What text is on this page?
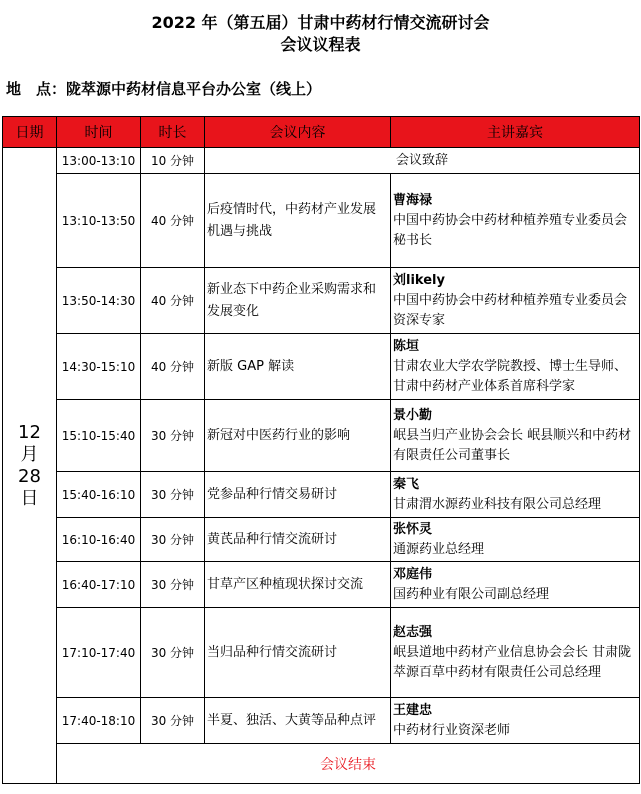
2022 年（第五届）甘肃中药材行情交流研讨会
会议议程表
地　点：陇萃源中药材信息平台办公室（线上）
日期	时间	时长	会议内容	主讲嘉宾

12
月
28
日	13:00-13:10	10 分钟	会议致辞	
	13:10-13:50	40 分钟	后疫情时代，中药材产业发展机遇与挑战	曹海禄
中国中药协会中药材种植养殖专业委员会秘书长

	13:50-14:30	40 分钟	新业态下中药企业采购需求和发展变化	刘likely
中国中药协会中药材种植养殖专业委员会资深专家

	14:30-15:10	40 分钟	新版 GAP 解读	陈垣
甘肃农业大学农学院教授、博士生导师、甘肃中药材产业体系首席科学家

	15:10-15:40	30 分钟	新冠对中医药行业的影响	景小勤
岷县当归产业协会会长 岷县顺兴和中药材有限责任公司董事长

	15:40-16:10	30 分钟	党参品种行情交易研讨	秦飞
甘肃渭水源药业科技有限公司总经理

	16:10-16:40	30 分钟	黄芪品种行情交流研讨	张怀灵
通源药业总经理

	16:40-17:10	30 分钟	甘草产区种植现状探讨交流	邓庭伟
国药种业有限公司副总经理

	17:10-17:40	30 分钟	当归品种行情交流研讨	赵志强
岷县道地中药材产业信息协会会长 甘肃陇萃源百草中药材有限责任公司总经理

	17:40-18:10	30 分钟	半夏、独活、大黄等品种点评	王建忠
中药材行业资深老师

	会议结束			
